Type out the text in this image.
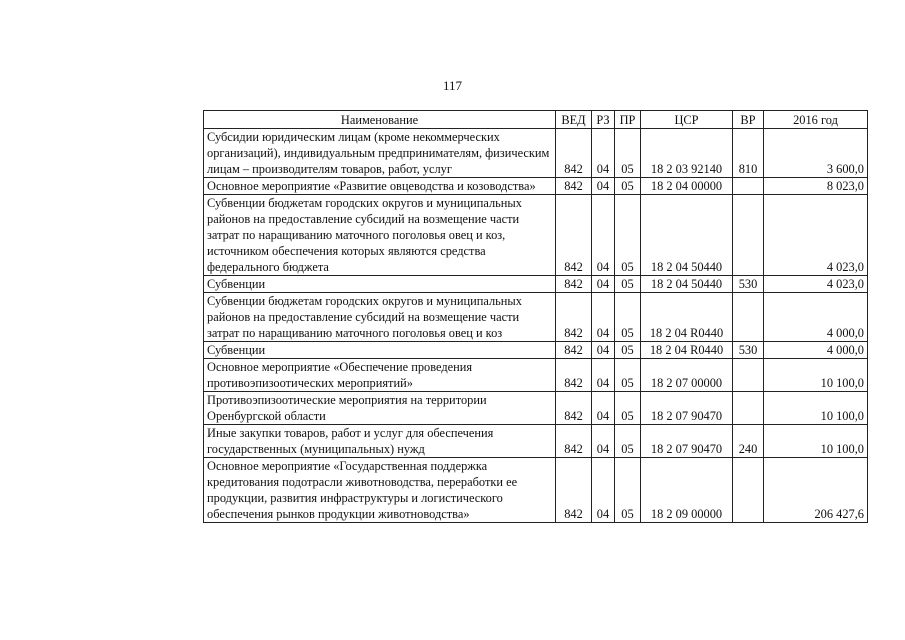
117
Наименование	ВЕД	РЗ	ПР	ЦСР	ВР	2016 год
Субсидии юридическим лицам (кроме некоммерческих организаций), индивидуальным предпринимателям, физическим лицам – производителям товаров, работ, услуг	842	04	05	18 2 03 92140	810	3 600,0
Основное мероприятие «Развитие овцеводства и козоводства»	842	04	05	18 2 04 00000		8 023,0
Субвенции бюджетам городских округов и муниципальных районов на предоставление субсидий на возмещение части затрат по наращиванию маточного поголовья овец и коз, источником обеспечения которых являются средства федерального бюджета	842	04	05	18 2 04 50440		4 023,0
Субвенции	842	04	05	18 2 04 50440	530	4 023,0
Субвенции бюджетам городских округов и муниципальных районов на предоставление субсидий на возмещение части затрат по наращиванию маточного поголовья овец и коз	842	04	05	18 2 04 R0440		4 000,0
Субвенции	842	04	05	18 2 04 R0440	530	4 000,0
Основное мероприятие «Обеспечение проведения противоэпизоотических мероприятий»	842	04	05	18 2 07 00000		10 100,0
Противоэпизоотические мероприятия на территории Оренбургской области	842	04	05	18 2 07 90470		10 100,0
Иные закупки товаров, работ и услуг для обеспечения государственных (муниципальных) нужд	842	04	05	18 2 07 90470	240	10 100,0
Основное мероприятие «Государственная поддержка кредитования подотрасли животноводства, переработки ее продукции, развития инфраструктуры и логистического обеспечения рынков продукции животноводства»	842	04	05	18 2 09 00000		206 427,6
